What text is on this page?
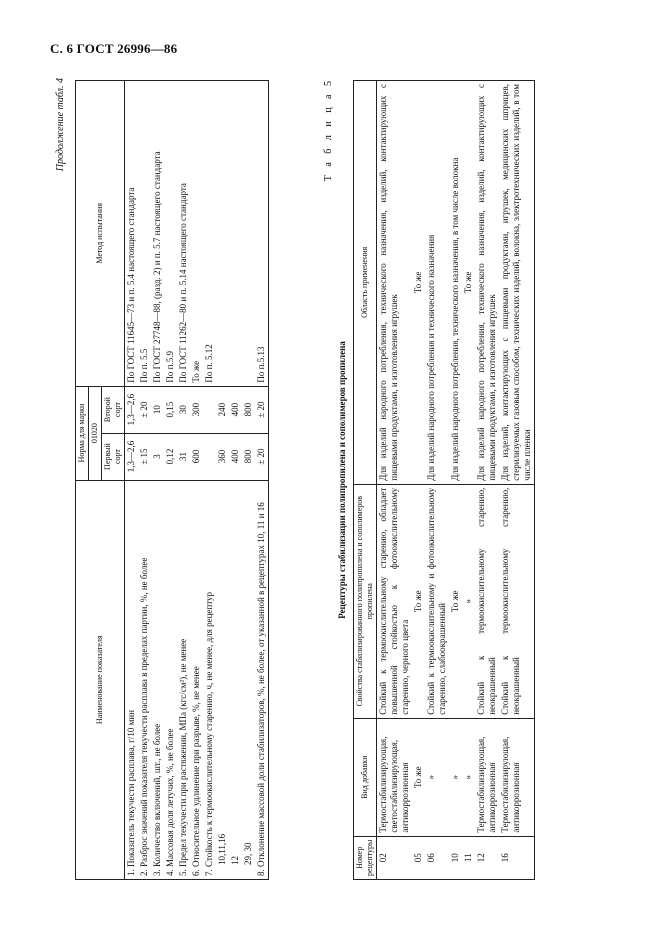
С. 6 ГОСТ 26996—86
Продолжение табл. 4
Наименование показателя	Норма для марки		Метод испытания
	01020		
	Первый сорт	Второй сорт	
1. Показатель текучести расплава, г/10 мин	1,3—2,6	1,3—2,6	По ГОСТ 11645—73 и п. 5.4 настоящего стандарта
2. Разброс значений показателя текучести расплава в пределах партии, %, не более	± 15	± 20	По п. 5.5
3. Количество включений, шт., не более	3	10	По ГОСТ 27748—88, (разд. 2) и п. 5.7 настоящего стандарта
4. Массовая доля летучих, %, не более	0,12	0,15	По п.5.9
5. Предел текучести при растяжении, МПа (кгс/см²), не менее	31	30	По ГОСТ 11262—80 и п. 5.14 настоящего стандарта
6. Относительное удлинение при разрыве, %, не менее	600	300	То же
7. Стойкость к термоокислительному старению, ч, не менее, для рецептур			По п. 5.12
10,11,16	360	240	
12	400	400	
29, 30	800	800	
8. Отклонение массовой доли стабилизаторов, %, не более, от указанной в рецептурах 10, 11 и 16	± 20	± 20	По п.5.13
Т а б л и ц а 5
Рецептуры стабилизации полипропилена и сополимеров пропилена
Номер рецептуры	Вид добавки	Свойства стабилизированного полипропилена и сополимеров пропилена	Область применения
02	Термостабилизирующая, светостабилизирующая, антикоррозионная	Стойкий к термоокислительному старению, обладает повышенной стойкостью к фотоокислительному старению, черного цвета	Для изделий народного потребления, технического назначения, изделий, контактирующих с пищевыми продуктами, и изготовления игрушек
05	То же	То же	То же
06	»	Стойкий к термоокислительному и фотоокислительному старению, слабоокрашенный	Для изделий народного потребления и технического назначения
10	»	То же	Для изделий народного потребления, технического назначения, в том числе волокна
11	»	»	То же
12	Термостабилизирующая, антикоррозионная	Стойкий к термоокислительному старению, неокрашенный	Для изделий народного потребления, технического назначения, изделий, контактирующих с пищевыми продуктами, и изготовления игрушек
16	Термостабилизирующая, антикоррозионная	Стойкий к термоокислительному старению, неокрашенный	Для изделий, контактирующих с пищевыми продуктами, игрушек, медицинских шприцев, стерилизуемых газовым способом, технических изделий, волокна, электротехнических изделий, в том числе пленки
